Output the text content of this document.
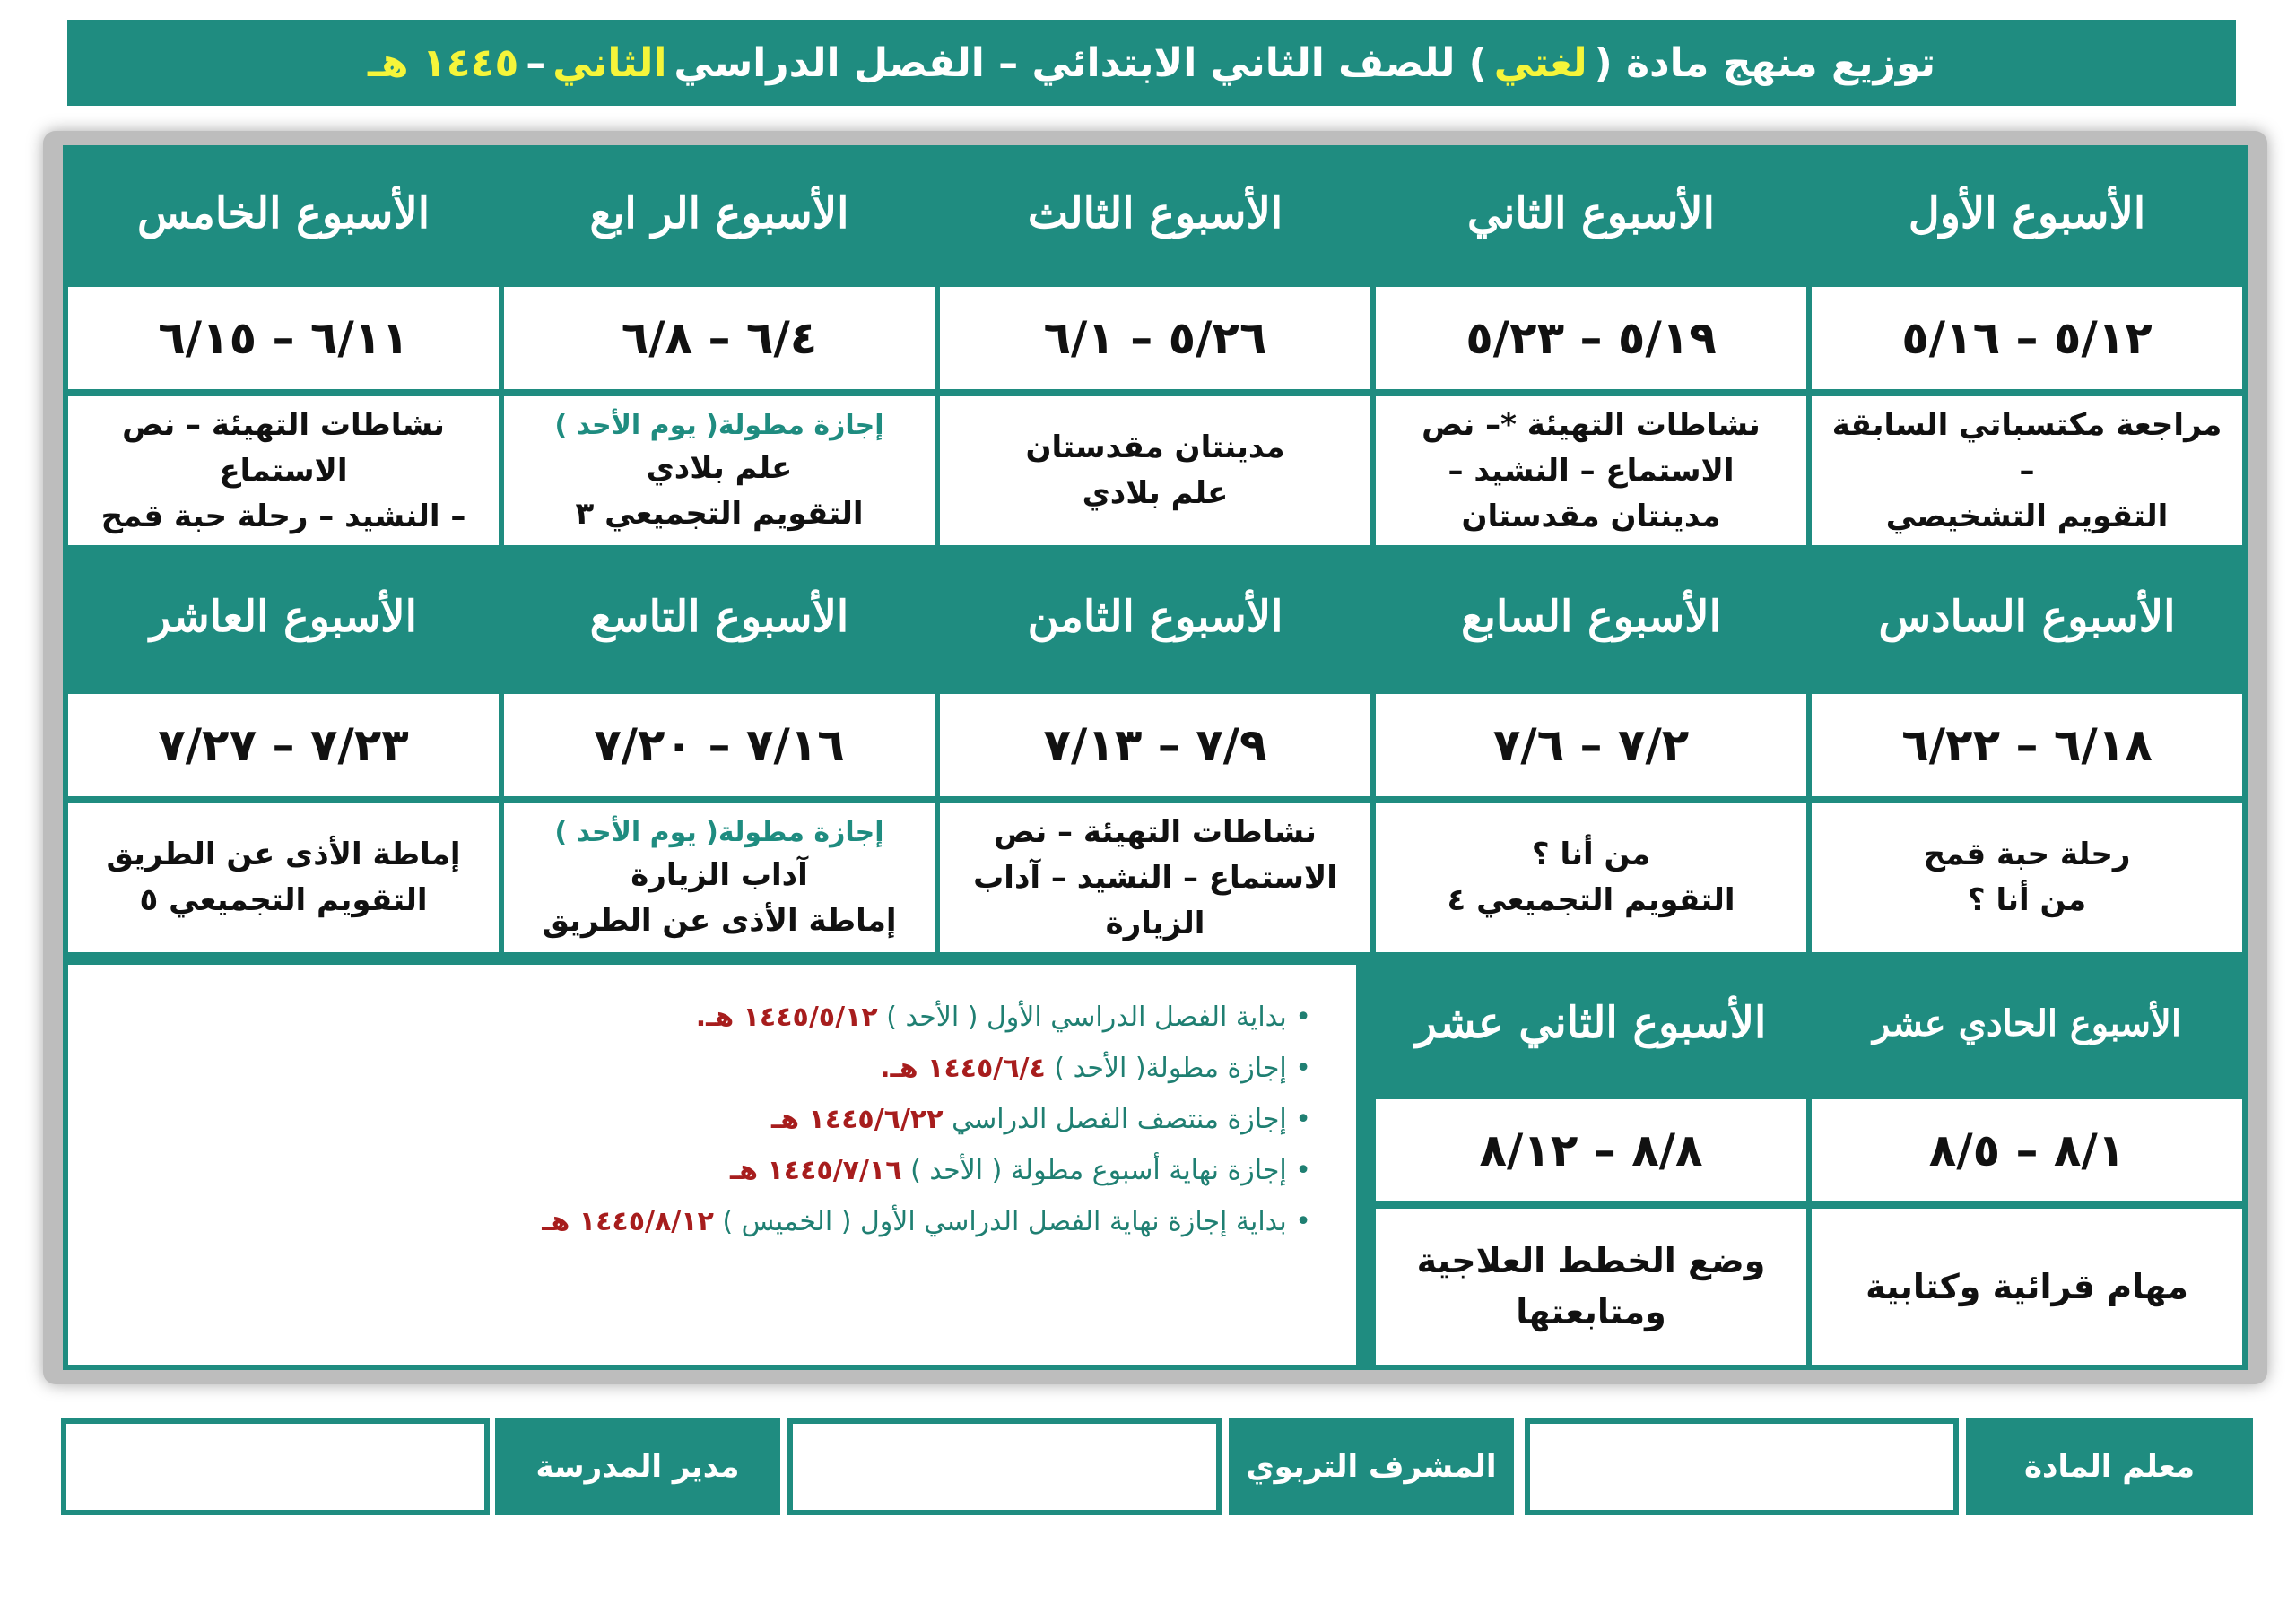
توزيع منهج مادة (
لغتي
) للصف الثاني الابتدائي – الفصل الدراسي
الثاني
–
١٤٤٥ هـ
الأسبوع الأول
٥/١٢ – ٥/١٦
مراجعة مكتسباتي السابقة –
التقويم التشخيصي
الأسبوع الثاني
٥/١٩ – ٥/٢٣
نشاطات التهيئة *– نص
الاستماع – النشيد –
مدينتان مقدستان
الأسبوع الثالث
٥/٢٦ – ٦/١
مدينتان مقدستان
علم بلادي
الأسبوع الر ابع
٦/٤ – ٦/٨
إجازة مطولة( يوم الأحد )
علم بلادي
التقويم التجميعي ٣
الأسبوع الخامس
٦/١١ – ٦/١٥
نشاطات التهيئة – نص الاستماع
– النشيد – رحلة حبة قمح
الأسبوع السادس
٦/١٨ – ٦/٢٢
رحلة حبة قمح
من أنا ؟
الأسبوع السابع
٧/٢ – ٧/٦
من أنا ؟
التقويم التجميعي ٤
الأسبوع الثامن
٧/٩ – ٧/١٣
نشاطات التهيئة – نص
الاستماع – النشيد – آداب
الزيارة
الأسبوع التاسع
٧/١٦ – ٧/٢٠
إجازة مطولة( يوم الأحد )
آداب الزيارة
إماطة الأذى عن الطريق
الأسبوع العاشر
٧/٢٣ – ٧/٢٧
إماطة الأذى عن الطريق
التقويم التجميعي ٥
الأسبوع الحادي عشر
٨/١ – ٨/٥
مهام قرائية وكتابية
الأسبوع الثاني عشر
٨/٨ – ٨/١٢
وضع الخطط العلاجية
ومتابعتها
• بداية الفصل الدراسي الأول ( الأحد ) ١٤٤٥/٥/١٢ هـ.
• إجازة مطولة( الأحد ) ١٤٤٥/٦/٤ هـ.
• إجازة منتصف الفصل الدراسي ١٤٤٥/٦/٢٢ هـ
• إجازة نهاية أسبوع مطولة ( الأحد ) ١٤٤٥/٧/١٦ هـ
• بداية إجازة نهاية الفصل الدراسي الأول ( الخميس ) ١٤٤٥/٨/١٢ هـ
معلم المادة
المشرف التربوي
مدير المدرسة
